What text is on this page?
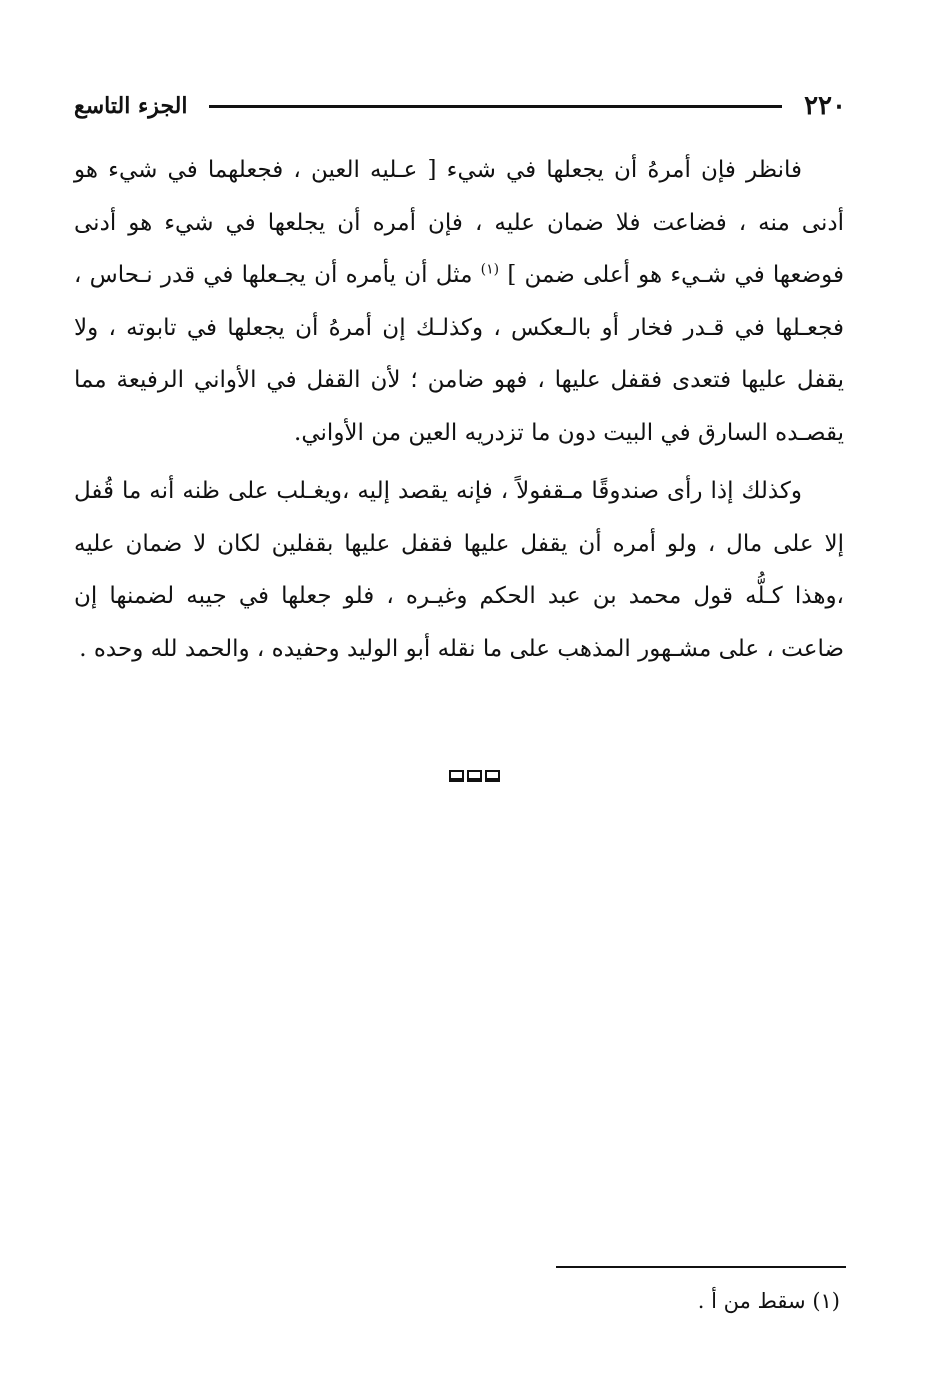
٢٢٠
الجزء التاسع

فانظر فإن أمرهُ أن يجعلها في شيء [ عـليه العين ، فجعلهما في شيء هو أدنى منه ، فضاعت فلا ضمان عليه ، فإن أمره أن يجلعها في شيء هو أدنى فوضعها في شـيء هو أعلى ضمن ] $^{(١)}$ مثل أن يأمره أن يجـعلها في قدر نـحاس ، فجعـلها في قـدر فخار أو بالـعكس ، وكذلـك إن أمرهُ أن يجعلها في تابوته ، ولا يقفل عليها فتعدى فقفل عليها ، فهو ضامن ؛ لأن القفل في الأواني الرفيعة مما يقصـده السارق في البيت دون ما تزدريه العين من الأواني.

وكذلك إذا رأى صندوقًا مـقفولاً ، فإنه يقصد إليه ،ويغـلب على ظنه أنه ما قُفل إلا على مال ، ولو أمره أن يقفل عليها فقفل عليها بقفلين لكان لا ضمان عليه ،وهذا كـلُّه قول محمد بن عبد الحكم وغيـره ، فلو جعلها في جيبه لضمنها إن ضاعت ، على مشـهور المذهب على ما نقله أبو الوليد وحفيده ، والحمد لله وحده .

(١) سقط من أ .
